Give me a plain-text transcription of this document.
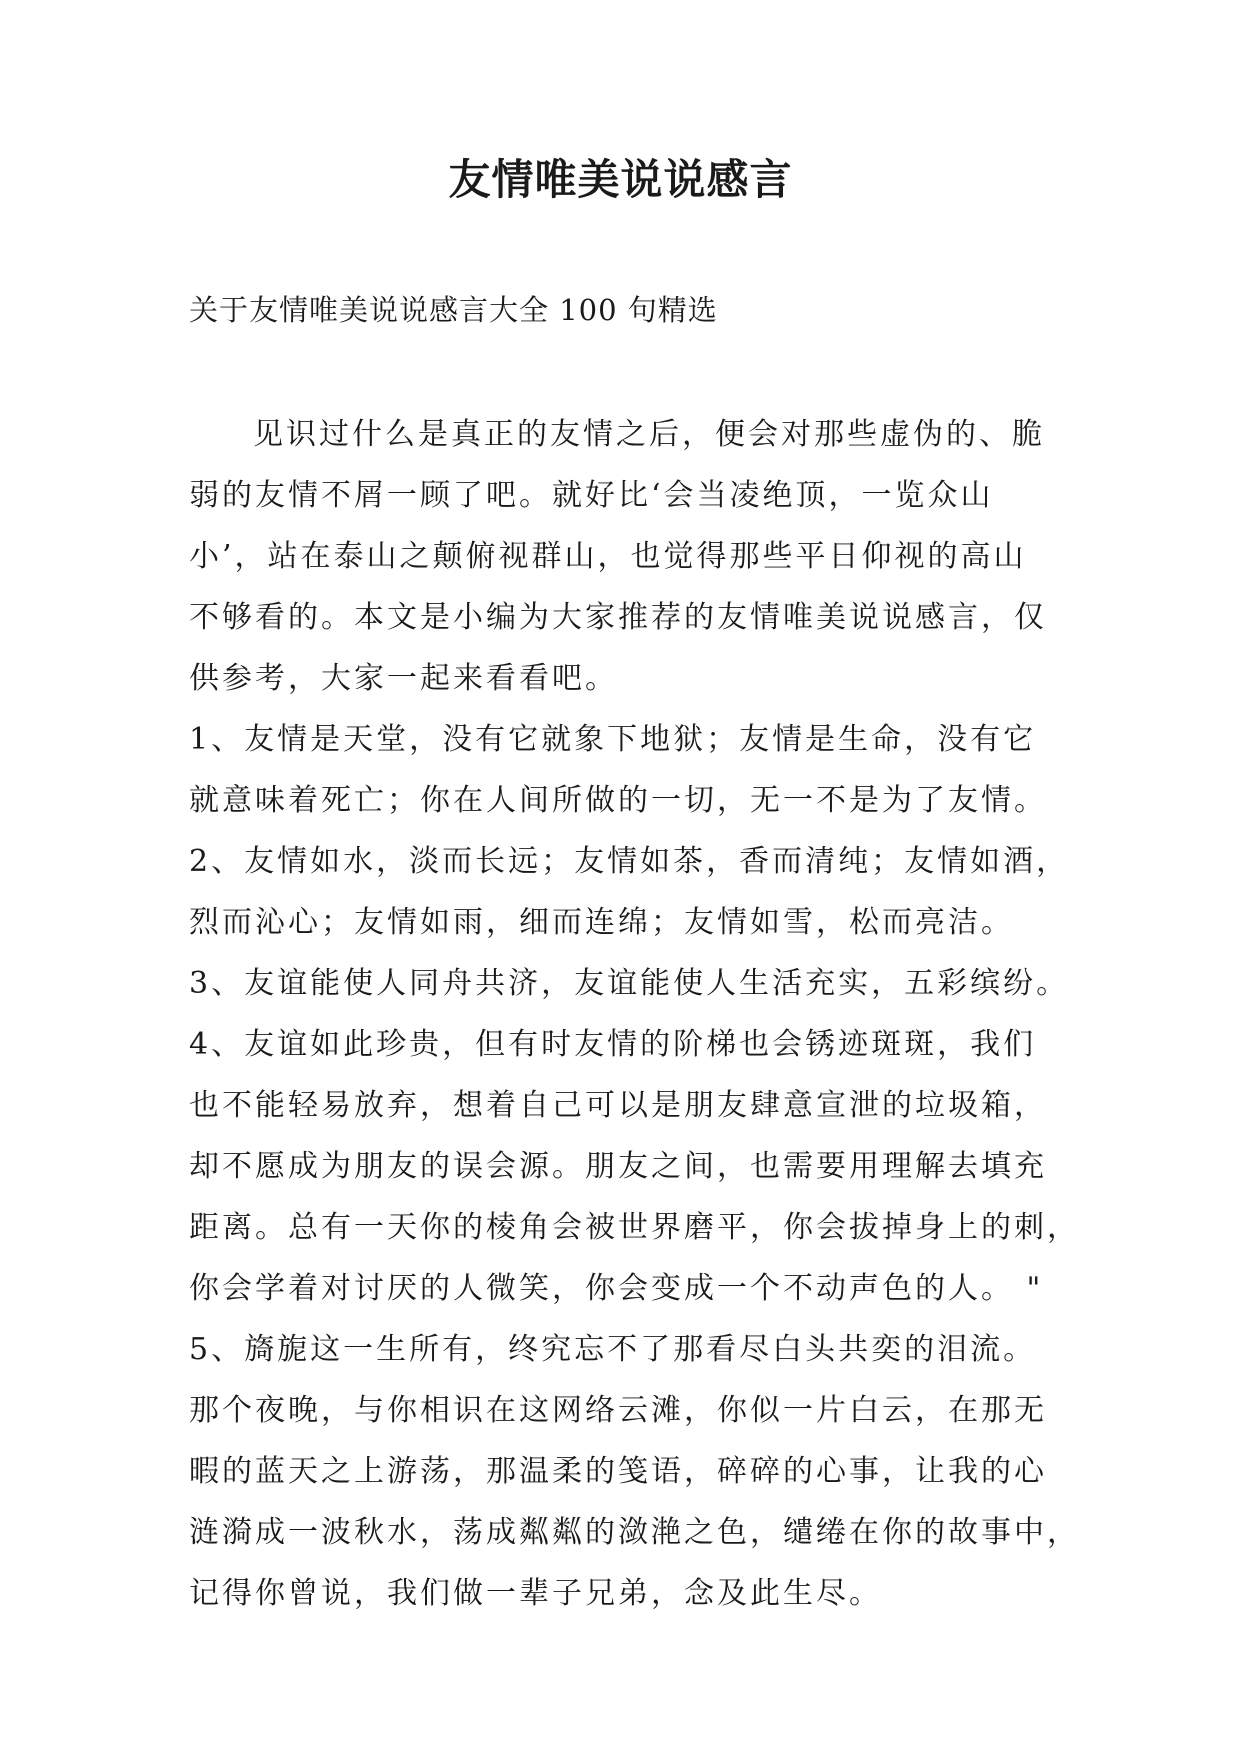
友情唯美说说感言

关于友情唯美说说感言大全 100 句精选

见识过什么是真正的友情之后，便会对那些虚伪的、脆
弱的友情不屑一顾了吧。就好比‘会当凌绝顶，一览众山
小’，站在泰山之颠俯视群山，也觉得那些平日仰视的高山
不够看的。本文是小编为大家推荐的友情唯美说说感言，仅
供参考，大家一起来看看吧。
1、友情是天堂，没有它就象下地狱；友情是生命，没有它
就意味着死亡；你在人间所做的一切，无一不是为了友情。
2、友情如水，淡而长远；友情如茶，香而清纯；友情如酒，
烈而沁心；友情如雨，细而连绵；友情如雪，松而亮洁。
3、友谊能使人同舟共济，友谊能使人生活充实，五彩缤纷。
4、友谊如此珍贵，但有时友情的阶梯也会锈迹斑斑，我们
也不能轻易放弃，想着自己可以是朋友肆意宣泄的垃圾箱，
却不愿成为朋友的误会源。朋友之间，也需要用理解去填充
距离。总有一天你的棱角会被世界磨平，你会拔掉身上的刺，
你会学着对讨厌的人微笑，你会变成一个不动声色的人。 "
5、旖旎这一生所有，终究忘不了那看尽白头共奕的泪流。
那个夜晚，与你相识在这网络云滩，你似一片白云，在那无
暇的蓝天之上游荡，那温柔的笺语，碎碎的心事，让我的心
涟漪成一波秋水，荡成粼粼的潋滟之色，缱绻在你的故事中，
记得你曾说，我们做一辈子兄弟，念及此生尽。
